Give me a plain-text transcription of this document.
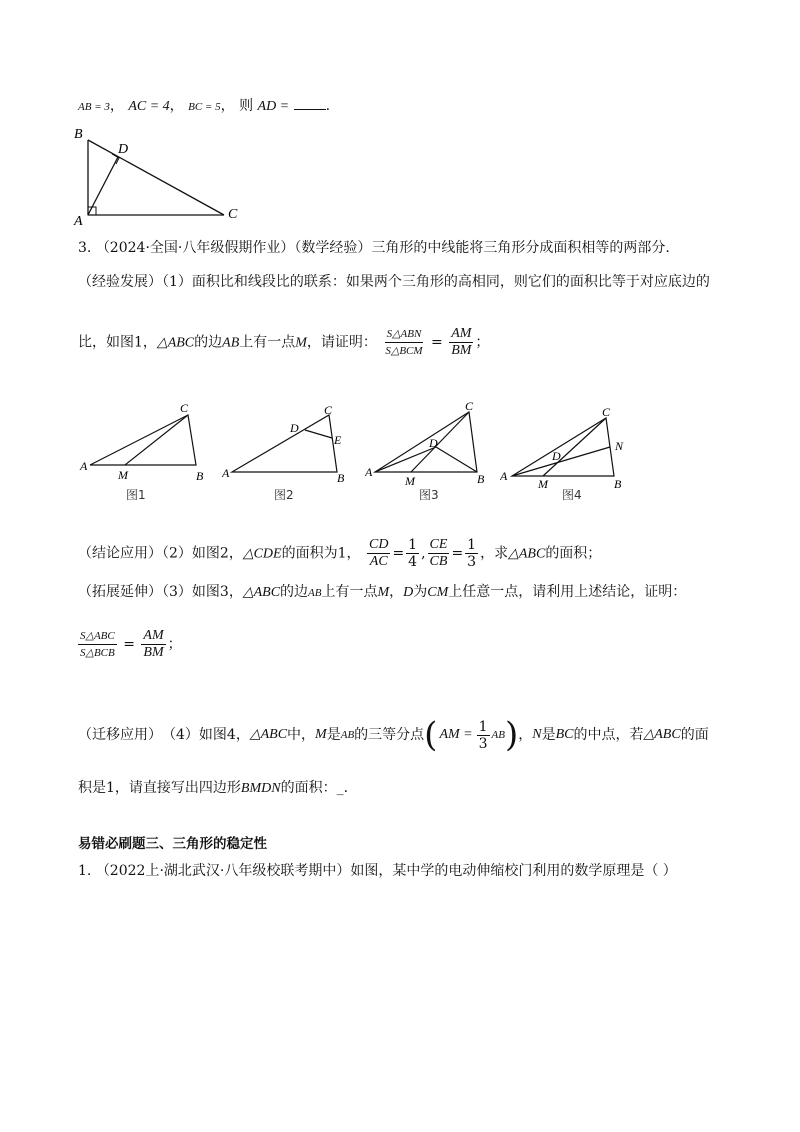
AB = 3， AC = 4， BC = 5， 则 AD =	.
B
D
A	C
3. （2024·全国·八年级假期作业）（数学经验）三角形的中线能将三角形分成面积相等的两部分.
（经验发展）（1）面积比和线段比的联系：如果两个三角形的高相同，则它们的面积比等于对应底边的
比，如图1，△ABC的边AB上有一点M，请证明： $\frac{\text{S△ABN}}{\text{S△BCM}} = \frac{AM}{BM}$ ；
C
A
M	B
图1
C
D
E
A	B
图2
C
D
A
M	B
图3
C
D
N
A
M	B
图4
（结论应用）（2）如图2，△CDE的面积为1， $\frac{CD}{AC} = \frac{1}{4}$ , $\frac{CE}{CB} = \frac{1}{3}$ ，求△ABC的面积；
（拓展延伸）（3）如图3，△ABC的边AB上有一点M，D为CM上任意一点，请利用上述结论，证明：
$\frac{\text{S△ABC}}{\text{S△BCB}} = \frac{AM}{BM}$ ；
（迁移应用） （4）如图4， △ABC 中， M 是 AB 的三等分点 ( AM = $\frac{1}{3}$ AB ) ， N 是 BC 的中点，若 △ABC 的面
积是1，请直接写出四边形BMDN的面积：_.
易错必刷题三、三角形的稳定性
1. （2022上·湖北武汉·八年级校联考期中）如图，某中学的电动伸缩校门利用的数学原理是（ ）
